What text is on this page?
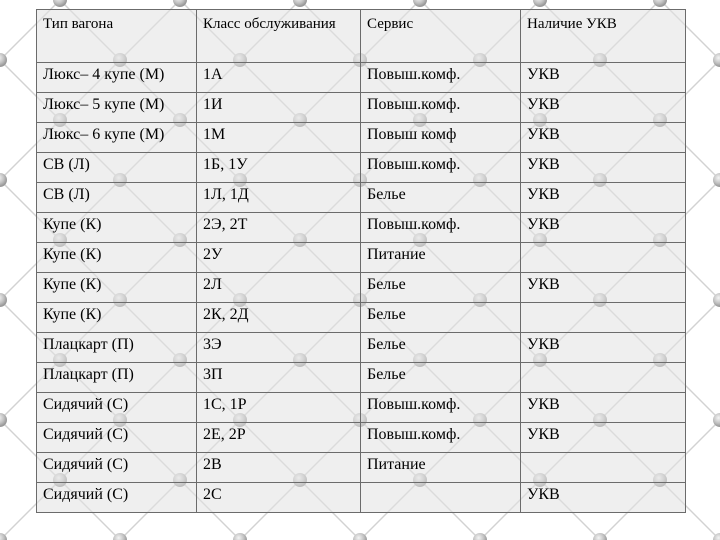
Тип вагона	Класс обслуживания	Сервис	Наличие УКВ
Люкс– 4 купе (М)	1А	Повыш.комф.	УКВ
Люкс– 5 купе (М)	1И	Повыш.комф.	УКВ
Люкс– 6 купе (М)	1М	Повыш комф	УКВ
СВ (Л)	1Б, 1У	Повыш.комф.	УКВ
СВ (Л)	1Л, 1Д	Белье	УКВ
Купе (К)	2Э, 2Т	Повыш.комф.	УКВ
Купе (К)	2У	Питание	
Купе (К)	2Л	Белье	УКВ
Купе (К)	2К, 2Д	Белье	
Плацкарт (П)	3Э	Белье	УКВ
Плацкарт (П)	3П	Белье	
Сидячий (С)	1С, 1Р	Повыш.комф.	УКВ
Сидячий (С)	2Е, 2Р	Повыш.комф.	УКВ
Сидячий (С)	2В	Питание	
Сидячий (С)	2С		УКВ
